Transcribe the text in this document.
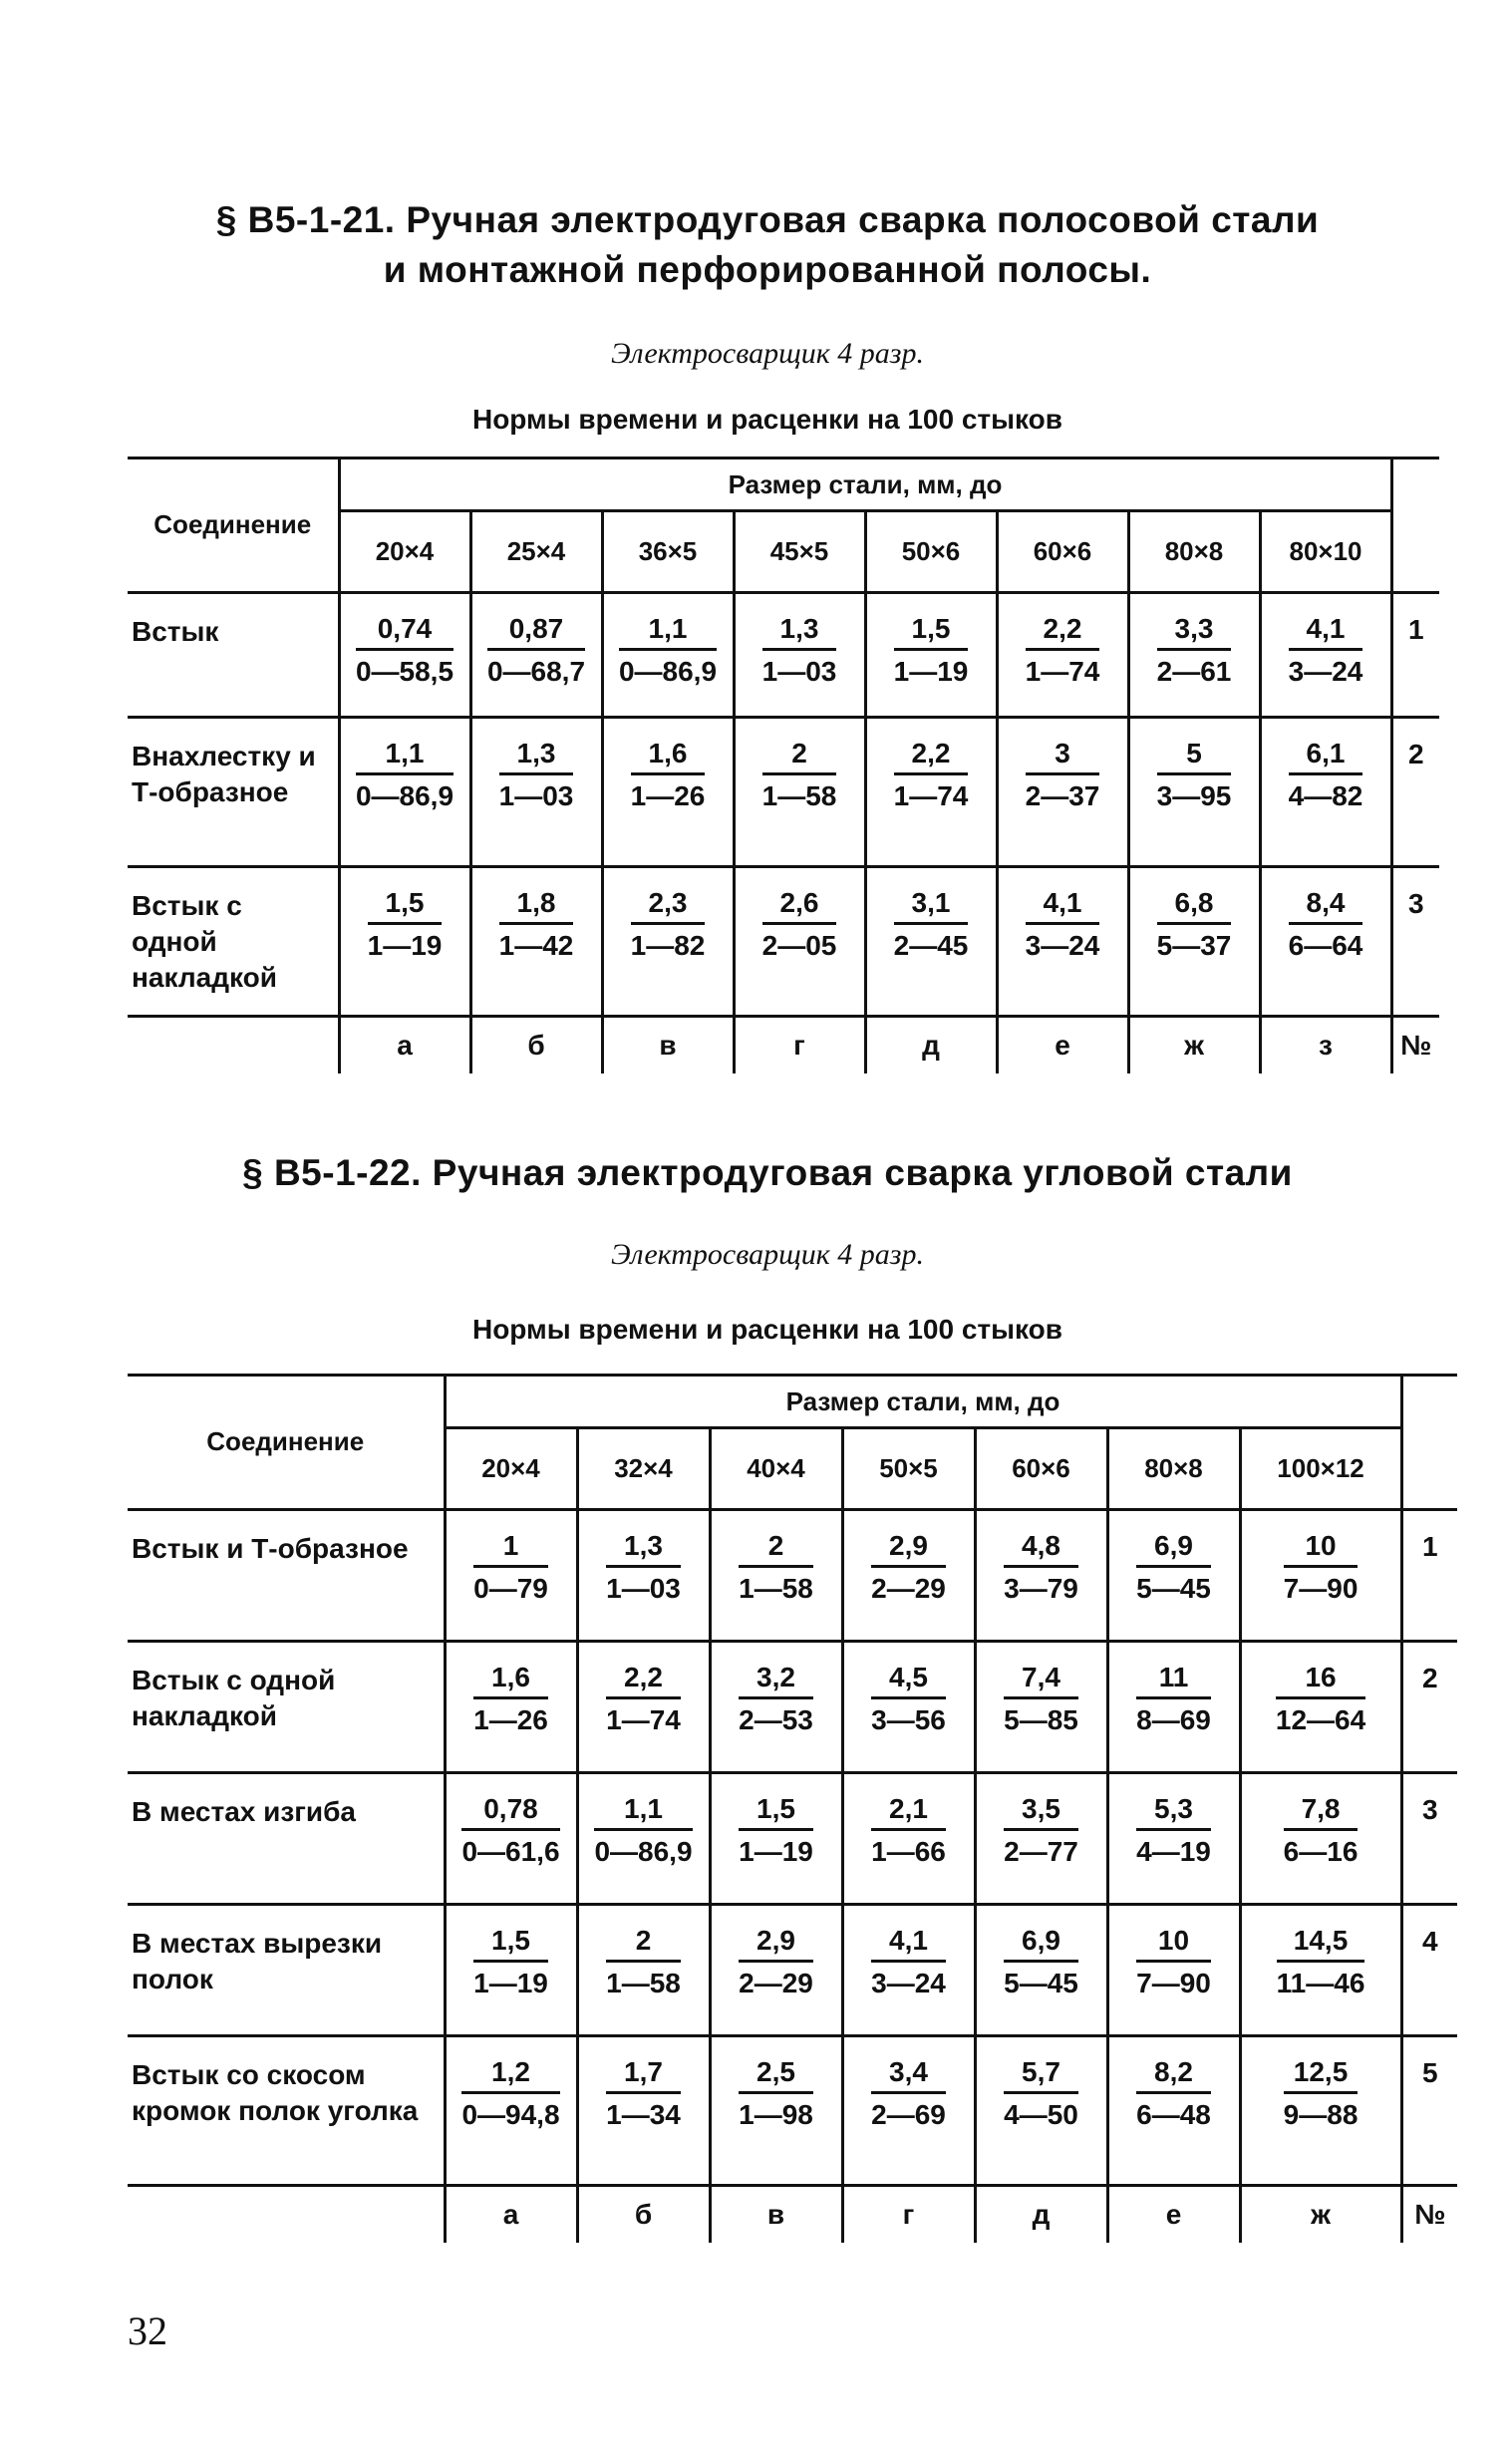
§ В5-1-21. Ручная электродуговая сварка полосовой стали
и монтажной перфорированной полосы.
Электросварщик 4 разр.
Нормы времени и расценки на 100 стыков
Соединение	Размер стали, мм, до								

	20×4	25×4	36×5	45×5	50×6	60×6	80×8	80×10	
Встык	$\frac{0,74}{0—58,5}$	$\frac{0,87}{0—68,7}$	$\frac{1,1}{0—86,9}$	$\frac{1,3}{1—03}$	$\frac{1,5}{1—19}$	$\frac{2,2}{1—74}$	$\frac{3,3}{2—61}$	$\frac{4,1}{3—24}$	1
Внахлестку и Т-образное	$\frac{1,1}{0—86,9}$	$\frac{1,3}{1—03}$	$\frac{1,6}{1—26}$	$\frac{2}{1—58}$	$\frac{2,2}{1—74}$	$\frac{3}{2—37}$	$\frac{5}{3—95}$	$\frac{6,1}{4—82}$	2
Встык с одной накладкой	$\frac{1,5}{1—19}$	$\frac{1,8}{1—42}$	$\frac{2,3}{1—82}$	$\frac{2,6}{2—05}$	$\frac{3,1}{2—45}$	$\frac{4,1}{3—24}$	$\frac{6,8}{5—37}$	$\frac{8,4}{6—64}$	3
	а	б	в	г	д	е	ж	з	№
§ В5-1-22. Ручная электродуговая сварка угловой стали
Электросварщик 4 разр.
Нормы времени и расценки на 100 стыков
Соединение	Размер стали, мм, до							

	20×4	32×4	40×4	50×5	60×6	80×8	100×12	
Встык и Т-образное	$\frac{1}{0—79}$	$\frac{1,3}{1—03}$	$\frac{2}{1—58}$	$\frac{2,9}{2—29}$	$\frac{4,8}{3—79}$	$\frac{6,9}{5—45}$	$\frac{10}{7—90}$	1
Встык с одной накладкой	$\frac{1,6}{1—26}$	$\frac{2,2}{1—74}$	$\frac{3,2}{2—53}$	$\frac{4,5}{3—56}$	$\frac{7,4}{5—85}$	$\frac{11}{8—69}$	$\frac{16}{12—64}$	2
В местах изгиба	$\frac{0,78}{0—61,6}$	$\frac{1,1}{0—86,9}$	$\frac{1,5}{1—19}$	$\frac{2,1}{1—66}$	$\frac{3,5}{2—77}$	$\frac{5,3}{4—19}$	$\frac{7,8}{6—16}$	3
В местах вырезки полок	$\frac{1,5}{1—19}$	$\frac{2}{1—58}$	$\frac{2,9}{2—29}$	$\frac{4,1}{3—24}$	$\frac{6,9}{5—45}$	$\frac{10}{7—90}$	$\frac{14,5}{11—46}$	4
Встык со скосом кромок полок уголка	$\frac{1,2}{0—94,8}$	$\frac{1,7}{1—34}$	$\frac{2,5}{1—98}$	$\frac{3,4}{2—69}$	$\frac{5,7}{4—50}$	$\frac{8,2}{6—48}$	$\frac{12,5}{9—88}$	5
	а	б	в	г	д	е	ж	№
32
